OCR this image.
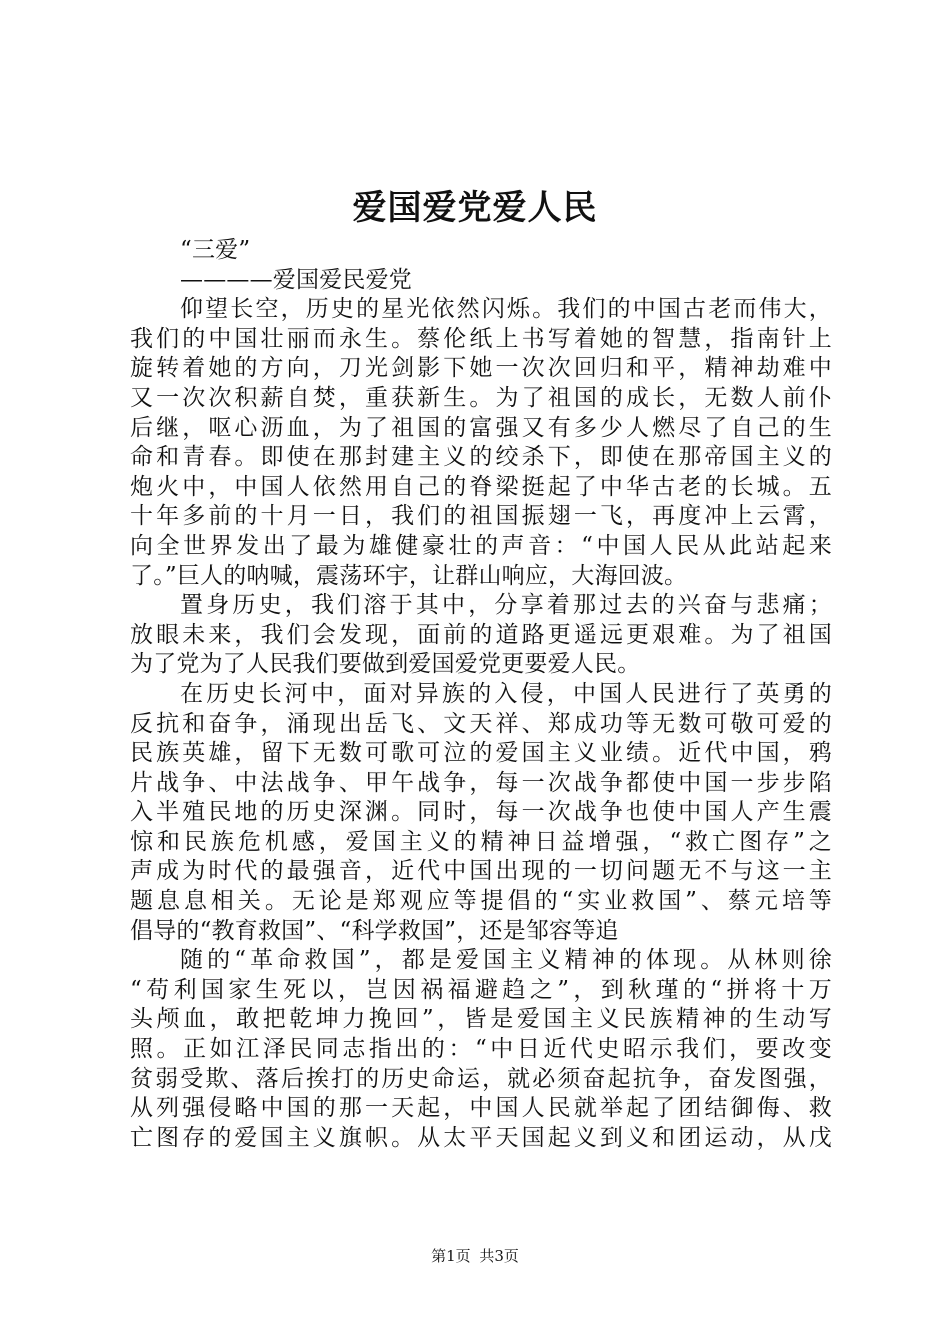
爱国爱党爱人民
“三爱”
————爱国爱民爱党
仰望长空，历史的星光依然闪烁。我们的中国古老而伟大，
我们的中国壮丽而永生。蔡伦纸上书写着她的智慧，指南针上
旋转着她的方向，刀光剑影下她一次次回归和平，精神劫难中
又一次次积薪自焚，重获新生。为了祖国的成长，无数人前仆
后继，呕心沥血，为了祖国的富强又有多少人燃尽了自己的生
命和青春。即使在那封建主义的绞杀下，即使在那帝国主义的
炮火中，中国人依然用自己的脊梁挺起了中华古老的长城。五
十年多前的十月一日，我们的祖国振翅一飞，再度冲上云霄，
向全世界发出了最为雄健豪壮的声音：“中国人民从此站起来
了。”巨人的呐喊，震荡环宇，让群山响应，大海回波。
置身历史，我们溶于其中，分享着那过去的兴奋与悲痛；
放眼未来，我们会发现，面前的道路更遥远更艰难。为了祖国
为了党为了人民我们要做到爱国爱党更要爱人民。
在历史长河中，面对异族的入侵，中国人民进行了英勇的
反抗和奋争，涌现出岳飞、文天祥、郑成功等无数可敬可爱的
民族英雄，留下无数可歌可泣的爱国主义业绩。近代中国，鸦
片战争、中法战争、甲午战争，每一次战争都使中国一步步陷
入半殖民地的历史深渊。同时，每一次战争也使中国人产生震
惊和民族危机感，爱国主义的精神日益增强，“救亡图存”之
声成为时代的最强音，近代中国出现的一切问题无不与这一主
题息息相关。无论是郑观应等提倡的“实业救国”、蔡元培等
倡导的“教育救国”、“科学救国”，还是邹容等追
随的“革命救国”，都是爱国主义精神的体现。从林则徐
“苟利国家生死以，岂因祸福避趋之”，到秋瑾的“拼将十万
头颅血，敢把乾坤力挽回”，皆是爱国主义民族精神的生动写
照。正如江泽民同志指出的：“中日近代史昭示我们，要改变
贫弱受欺、落后挨打的历史命运，就必须奋起抗争，奋发图强，
从列强侵略中国的那一天起，中国人民就举起了团结御侮、救
亡图存的爱国主义旗帜。从太平天国起义到义和团运动，从戊
第1页 共3页
